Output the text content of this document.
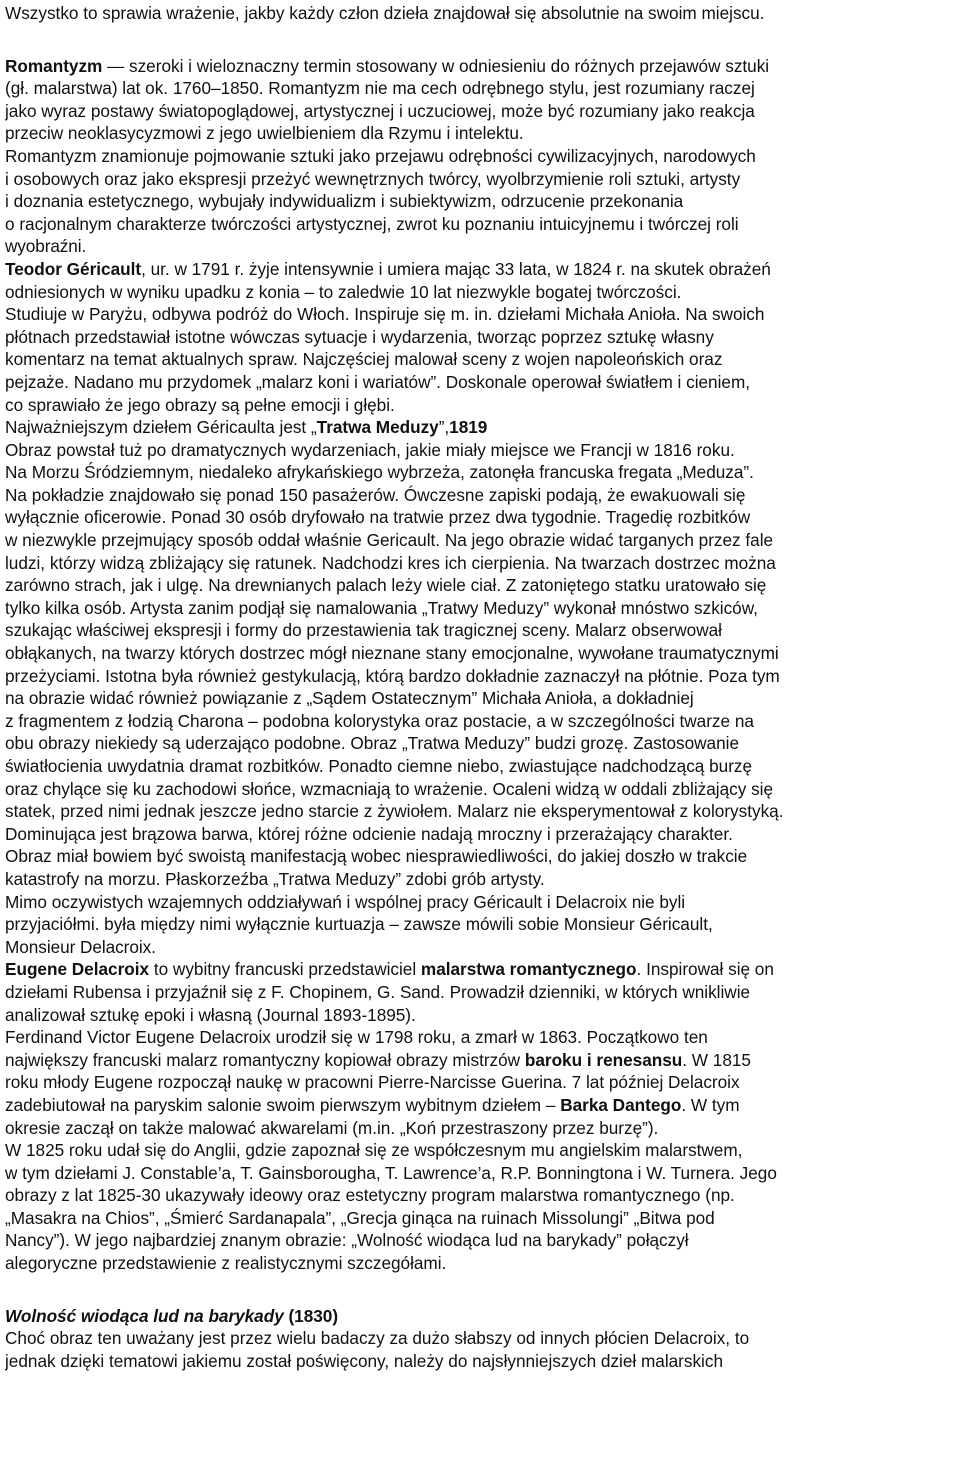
Wszystko to sprawia wrażenie, jakby każdy człon dzieła znajdował się absolutnie na swoim miejscu.
Romantyzm — szeroki i wieloznaczny termin stosowany w odniesieniu do różnych przejawów sztuki
(gł. malarstwa) lat ok. 1760–1850. Romantyzm nie ma cech odrębnego stylu, jest rozumiany raczej
jako wyraz postawy światopoglądowej, artystycznej i uczuciowej, może być rozumiany jako reakcja
przeciw neoklasycyzmowi z jego uwielbieniem dla Rzymu i intelektu.
Romantyzm znamionuje pojmowanie sztuki jako przejawu odrębności cywilizacyjnych, narodowych
i osobowych oraz jako ekspresji przeżyć wewnętrznych twórcy, wyolbrzymienie roli sztuki, artysty
i doznania estetycznego, wybujały indywidualizm i subiektywizm, odrzucenie przekonania
o racjonalnym charakterze twórczości artystycznej, zwrot ku poznaniu intuicyjnemu i twórczej roli
wyobraźni.
Teodor Géricault, ur. w 1791 r. żyje intensywnie i umiera mając 33 lata, w 1824 r. na skutek obrażeń
odniesionych w wyniku upadku z konia – to zaledwie 10 lat niezwykle bogatej twórczości.
Studiuje w Paryżu, odbywa podróż do Włoch. Inspiruje się m. in. dziełami Michała Anioła. Na swoich
płótnach przedstawiał istotne wówczas sytuacje i wydarzenia, tworząc poprzez sztukę własny
komentarz na temat aktualnych spraw. Najczęściej malował sceny z wojen napoleońskich oraz
pejzaże. Nadano mu przydomek „malarz koni i wariatów”. Doskonale operował światłem i cieniem,
co sprawiało że jego obrazy są pełne emocji i głębi.
Najważniejszym dziełem Géricaulta jest „Tratwa Meduzy”,1819
Obraz powstał tuż po dramatycznych wydarzeniach, jakie miały miejsce we Francji w 1816 roku.
Na Morzu Śródziemnym, niedaleko afrykańskiego wybrzeża, zatonęła francuska fregata „Meduza”.
Na pokładzie znajdowało się ponad 150 pasażerów. Ówczesne zapiski podają, że ewakuowali się
wyłącznie oficerowie. Ponad 30 osób dryfowało na tratwie przez dwa tygodnie. Tragedię rozbitków
w niezwykle przejmujący sposób oddał właśnie Gericault. Na jego obrazie widać targanych przez fale
ludzi, którzy widzą zbliżający się ratunek. Nadchodzi kres ich cierpienia. Na twarzach dostrzec można
zarówno strach, jak i ulgę. Na drewnianych palach leży wiele ciał. Z zatoniętego statku uratowało się
tylko kilka osób. Artysta zanim podjął się namalowania „Tratwy Meduzy” wykonał mnóstwo szkiców,
szukając właściwej ekspresji i formy do przestawienia tak tragicznej sceny. Malarz obserwował
obłąkanych, na twarzy których dostrzec mógł nieznane stany emocjonalne, wywołane traumatycznymi
przeżyciami. Istotna była również gestykulacją, którą bardzo dokładnie zaznaczył na płótnie. Poza tym
na obrazie widać również powiązanie z „Sądem Ostatecznym” Michała Anioła, a dokładniej
z fragmentem z łodzią Charona – podobna kolorystyka oraz postacie, a w szczególności twarze na
obu obrazy niekiedy są uderzająco podobne. Obraz „Tratwa Meduzy” budzi grozę. Zastosowanie
światłocienia uwydatnia dramat rozbitków. Ponadto ciemne niebo, zwiastujące nadchodzącą burzę
oraz chylące się ku zachodowi słońce, wzmacniają to wrażenie. Ocaleni widzą w oddali zbliżający się
statek, przed nimi jednak jeszcze jedno starcie z żywiołem. Malarz nie eksperymentował z kolorystyką.
Dominująca jest brązowa barwa, której różne odcienie nadają mroczny i przerażający charakter.
Obraz miał bowiem być swoistą manifestacją wobec niesprawiedliwości, do jakiej doszło w trakcie
katastrofy na morzu. Płaskorzeźba „Tratwa Meduzy” zdobi grób artysty.
Mimo oczywistych wzajemnych oddziaływań i wspólnej pracy Géricault i Delacroix nie byli
przyjaciółmi. była między nimi wyłącznie kurtuazja – zawsze mówili sobie Monsieur Géricault,
Monsieur Delacroix.
Eugene Delacroix to wybitny francuski przedstawiciel malarstwa romantycznego. Inspirował się on
dziełami Rubensa i przyjaźnił się z F. Chopinem, G. Sand. Prowadził dzienniki, w których wnikliwie
analizował sztukę epoki i własną (Journal 1893-1895).
Ferdinand Victor Eugene Delacroix urodził się w 1798 roku, a zmarł w 1863. Początkowo ten
największy francuski malarz romantyczny kopiował obrazy mistrzów baroku i renesansu. W 1815
roku młody Eugene rozpoczął naukę w pracowni Pierre-Narcisse Guerina. 7 lat później Delacroix
zadebiutował na paryskim salonie swoim pierwszym wybitnym dziełem – Barka Dantego. W tym
okresie zaczął on także malować akwarelami (m.in. „Koń przestraszony przez burzę”).
W 1825 roku udał się do Anglii, gdzie zapoznał się ze współczesnym mu angielskim malarstwem,
w tym dziełami J. Constable’a, T. Gainsborougha, T. Lawrence’a, R.P. Bonningtona i W. Turnera. Jego
obrazy z lat 1825-30 ukazywały ideowy oraz estetyczny program malarstwa romantycznego (np.
„Masakra na Chios”, „Śmierć Sardanapala”, „Grecja ginąca na ruinach Missolungi” „Bitwa pod
Nancy”). W jego najbardziej znanym obrazie: „Wolność wiodąca lud na barykady” połączył
alegoryczne przedstawienie z realistycznymi szczegółami.
Wolność wiodąca lud na barykady (1830)
Choć obraz ten uważany jest przez wielu badaczy za dużo słabszy od innych płócien Delacroix, to
jednak dzięki tematowi jakiemu został poświęcony, należy do najsłynniejszych dzieł malarskich
